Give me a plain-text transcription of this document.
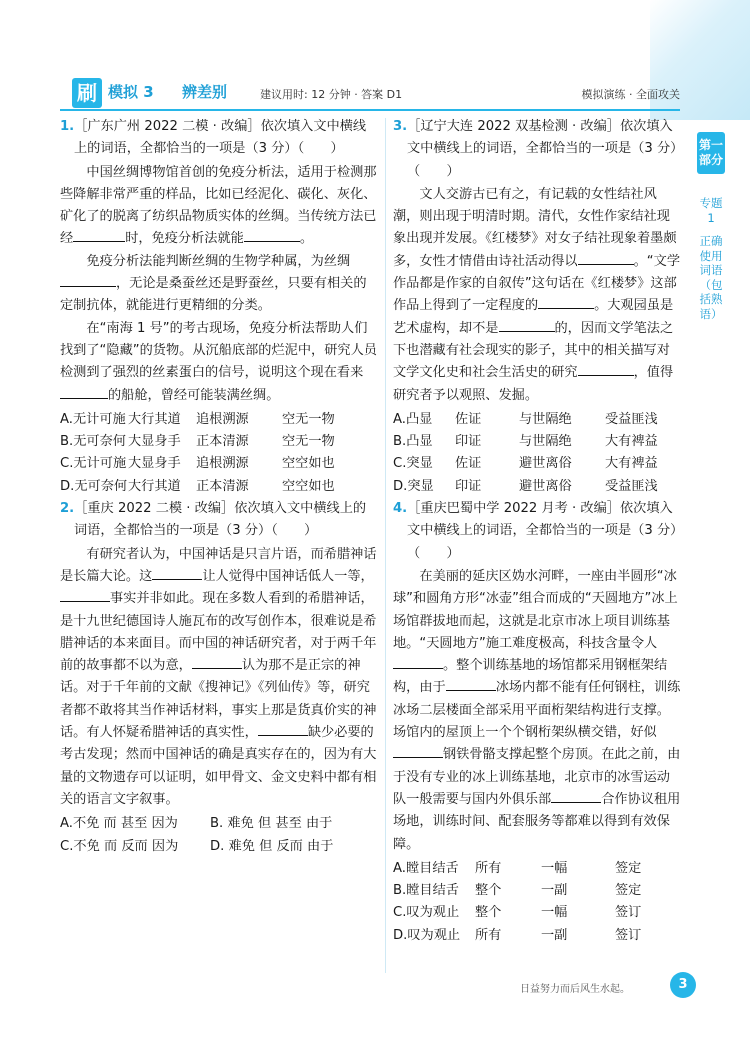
刷 模拟 3 辨差别	建议用时: 12 分钟 · 答案 D1	模拟演练 · 全面攻关
1.［广东广州 2022 二模 · 改编］依次填入文中横线上的词语，全都恰当的一项是（3 分）（　　）

中国丝绸博物馆首创的免疫分析法，适用于检测那些降解非常严重的样品，比如已经泥化、碳化、灰化、矿化了的脱离了纺织品物质实体的丝绸。当传统方法已经	时，免疫分析法就能	。

免疫分析法能判断丝绸的生物学种属，为丝绸，无论是桑蚕丝还是野蚕丝，只要有相关的定制抗体，就能进行更精细的分类。

在“南海 1 号”的考古现场，免疫分析法帮助人们找到了“隐藏”的货物。从沉船底部的烂泥中，研究人员检测到了强烈的丝素蛋白的信号，说明这个现在看来的船舱，曾经可能装满丝绸。

A.无计可施 大行其道	追根溯源	空无一物
B.无可奈何 大显身手	正本清源	空无一物
C.无计可施 大显身手	追根溯源	空空如也
D.无可奈何 大行其道	正本清源	空空如也
2.［重庆 2022 二模 · 改编］依次填入文中横线上的词语，全都恰当的一项是（3 分）（　　）

有研究者认为，中国神话是只言片语，而希腊神话是长篇大论。这	让人觉得中国神话低人一等，事实并非如此。现在多数人看到的希腊神话，是十九世纪德国诗人施瓦布的改写创作本，很难说是希腊神话的本来面目。而中国的神话研究者，对于两千年前的故事都不以为意，	认为那不是正宗的神话。对于千年前的文献《搜神记》《列仙传》等，研究者都不敢将其当作神话材料，事实上那是货真价实的神话。有人怀疑希腊神话的真实性，	缺少必要的考古发现；然而中国神话的确是真实存在的，因为有大量的文物遗存可以证明，如甲骨文、金文史料中都有相关的语言文字叙事。

A.不免 而 甚至 因为	B. 难免 但 甚至 由于
C.不免 而 反而 因为	D. 难免 但 反而 由于
3.［辽宁大连 2022 双基检测 · 改编］依次填入文中横线上的词语，全都恰当的一项是（3 分）（　　）

文人交游古已有之，有记载的女性结社风潮，则出现于明清时期。清代，女性作家结社现象出现并发展。《红楼梦》对女子结社现象着墨颇多，女性才情借由诗社活动得以	。“文学作品都是作家的自叙传”这句话在《红楼梦》这部作品上得到了一定程度的	。大观园虽是艺术虚构，却不是	的，因而文学笔法之下也潜藏有社会现实的影子，其中的相关描写对文学文化史和社会生活史的研究	，值得研究者予以观照、发掘。

A.凸显	佐证	与世隔绝	受益匪浅
B.凸显	印证	与世隔绝	大有裨益
C.突显	佐证	避世离俗	大有裨益
D.突显	印证	避世离俗	受益匪浅
4.［重庆巴蜀中学 2022 月考 · 改编］依次填入文中横线上的词语，全都恰当的一项是（3 分）（　　）

在美丽的延庆区妫水河畔，一座由半圆形“冰球”和圆角方形“冰壶”组合而成的“天圆地方”冰上场馆群拔地而起，这就是北京市冰上项目训练基地。“天圆地方”施工难度极高，科技含量令人。整个训练基地的场馆都采用钢框架结构，由于	冰场内都不能有任何钢柱，训练冰场二层楼面全部采用平面桁架结构进行支撑。场馆内的屋顶上一个个钢桁架纵横交错，好似钢铁骨骼支撑起整个房顶。在此之前，由于没有专业的冰上训练基地，北京市的冰雪运动队一般需要与国内外俱乐部	合作协议租用场地，训练时间、配套服务等都难以得到有效保障。

A.瞠目结舌	所有	一幅	签定
B.瞠目结舌	整个	一副	签定
C.叹为观止	整个	一幅	签订
D.叹为观止	所有	一副	签订
第一部分
专题 1
正确使用词语（包括熟语）
日益努力而后风生水起。	3
